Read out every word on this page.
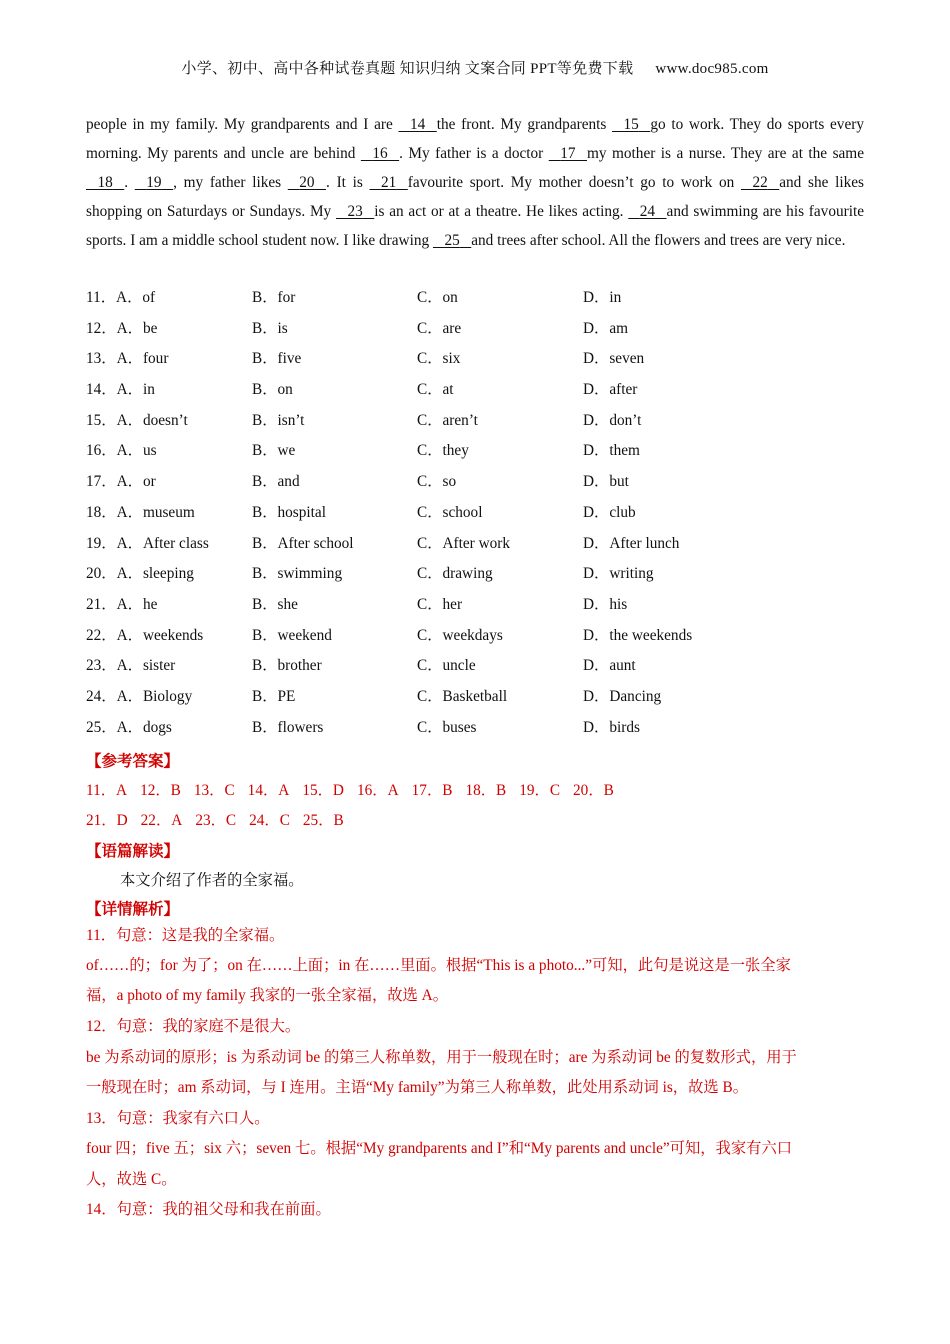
小学、初中、高中各种试卷真题 知识归纳 文案合同 PPT等免费下载 www.doc985.com
people in my family. My grandparents and I are    14 the front. My grandparents    15 go to work. They do sports every morning. My parents and uncle are behind    16 . My father is a doctor    17 my mother is a nurse. They are at the same    18 .    19 , my father likes    20 . It is    21 favourite sport. My mother doesn’t go to work on    22 and she likes shopping on Saturdays or Sundays. My    23 is an act or at a theatre. He likes acting.    24 and swimming are his favourite sports. I am a middle school student now. I like drawing    25 and trees after school. All the flowers and trees are very nice.
11．A．of	B．for	C．on	D．in
12．A．be	B．is	C．are	D．am
13．A．four	B．five	C．six	D．seven
14．A．in	B．on	C．at	D．after
15．A．doesn’t	B．isn’t	C．aren’t	D．don’t
16．A．us	B．we	C．they	D．them
17．A．or	B．and	C．so	D．but
18．A．museum	B．hospital	C．school	D．club
19．A．After class	B．After school	C．After work	D．After lunch
20．A．sleeping	B．swimming	C．drawing	D．writing
21．A．he	B．she	C．her	D．his
22．A．weekends	B．weekend	C．weekdays	D．the weekends
23．A．sister	B．brother	C．uncle	D．aunt
24．A．Biology	B．PE	C．Basketball	D．Dancing
25．A．dogs	B．flowers	C．buses	D．birds
【参考答案】
11．A 12．B 13．C 14．A 15．D 16．A 17．B 18．B 19．C 20．B
21．D 22．A 23．C 24．C 25．B
【语篇解读】
本文介绍了作者的全家福。
【详情解析】
11．句意：这是我的全家福。
of……的；for 为了；on 在……上面；in 在……里面。根据“This is a photo...”可知，此句是说这是一张全家
福，a photo of my family 我家的一张全家福，故选 A。
12．句意：我的家庭不是很大。
be 为系动词的原形；is 为系动词 be 的第三人称单数，用于一般现在时；are 为系动词 be 的复数形式，用于
一般现在时；am 系动词，与 I 连用。主语“My family”为第三人称单数，此处用系动词 is，故选 B。
13．句意：我家有六口人。
four 四；five 五；six 六；seven 七。根据“My grandparents and I”和“My parents and uncle”可知，我家有六口
人，故选 C。
14．句意：我的祖父母和我在前面。
